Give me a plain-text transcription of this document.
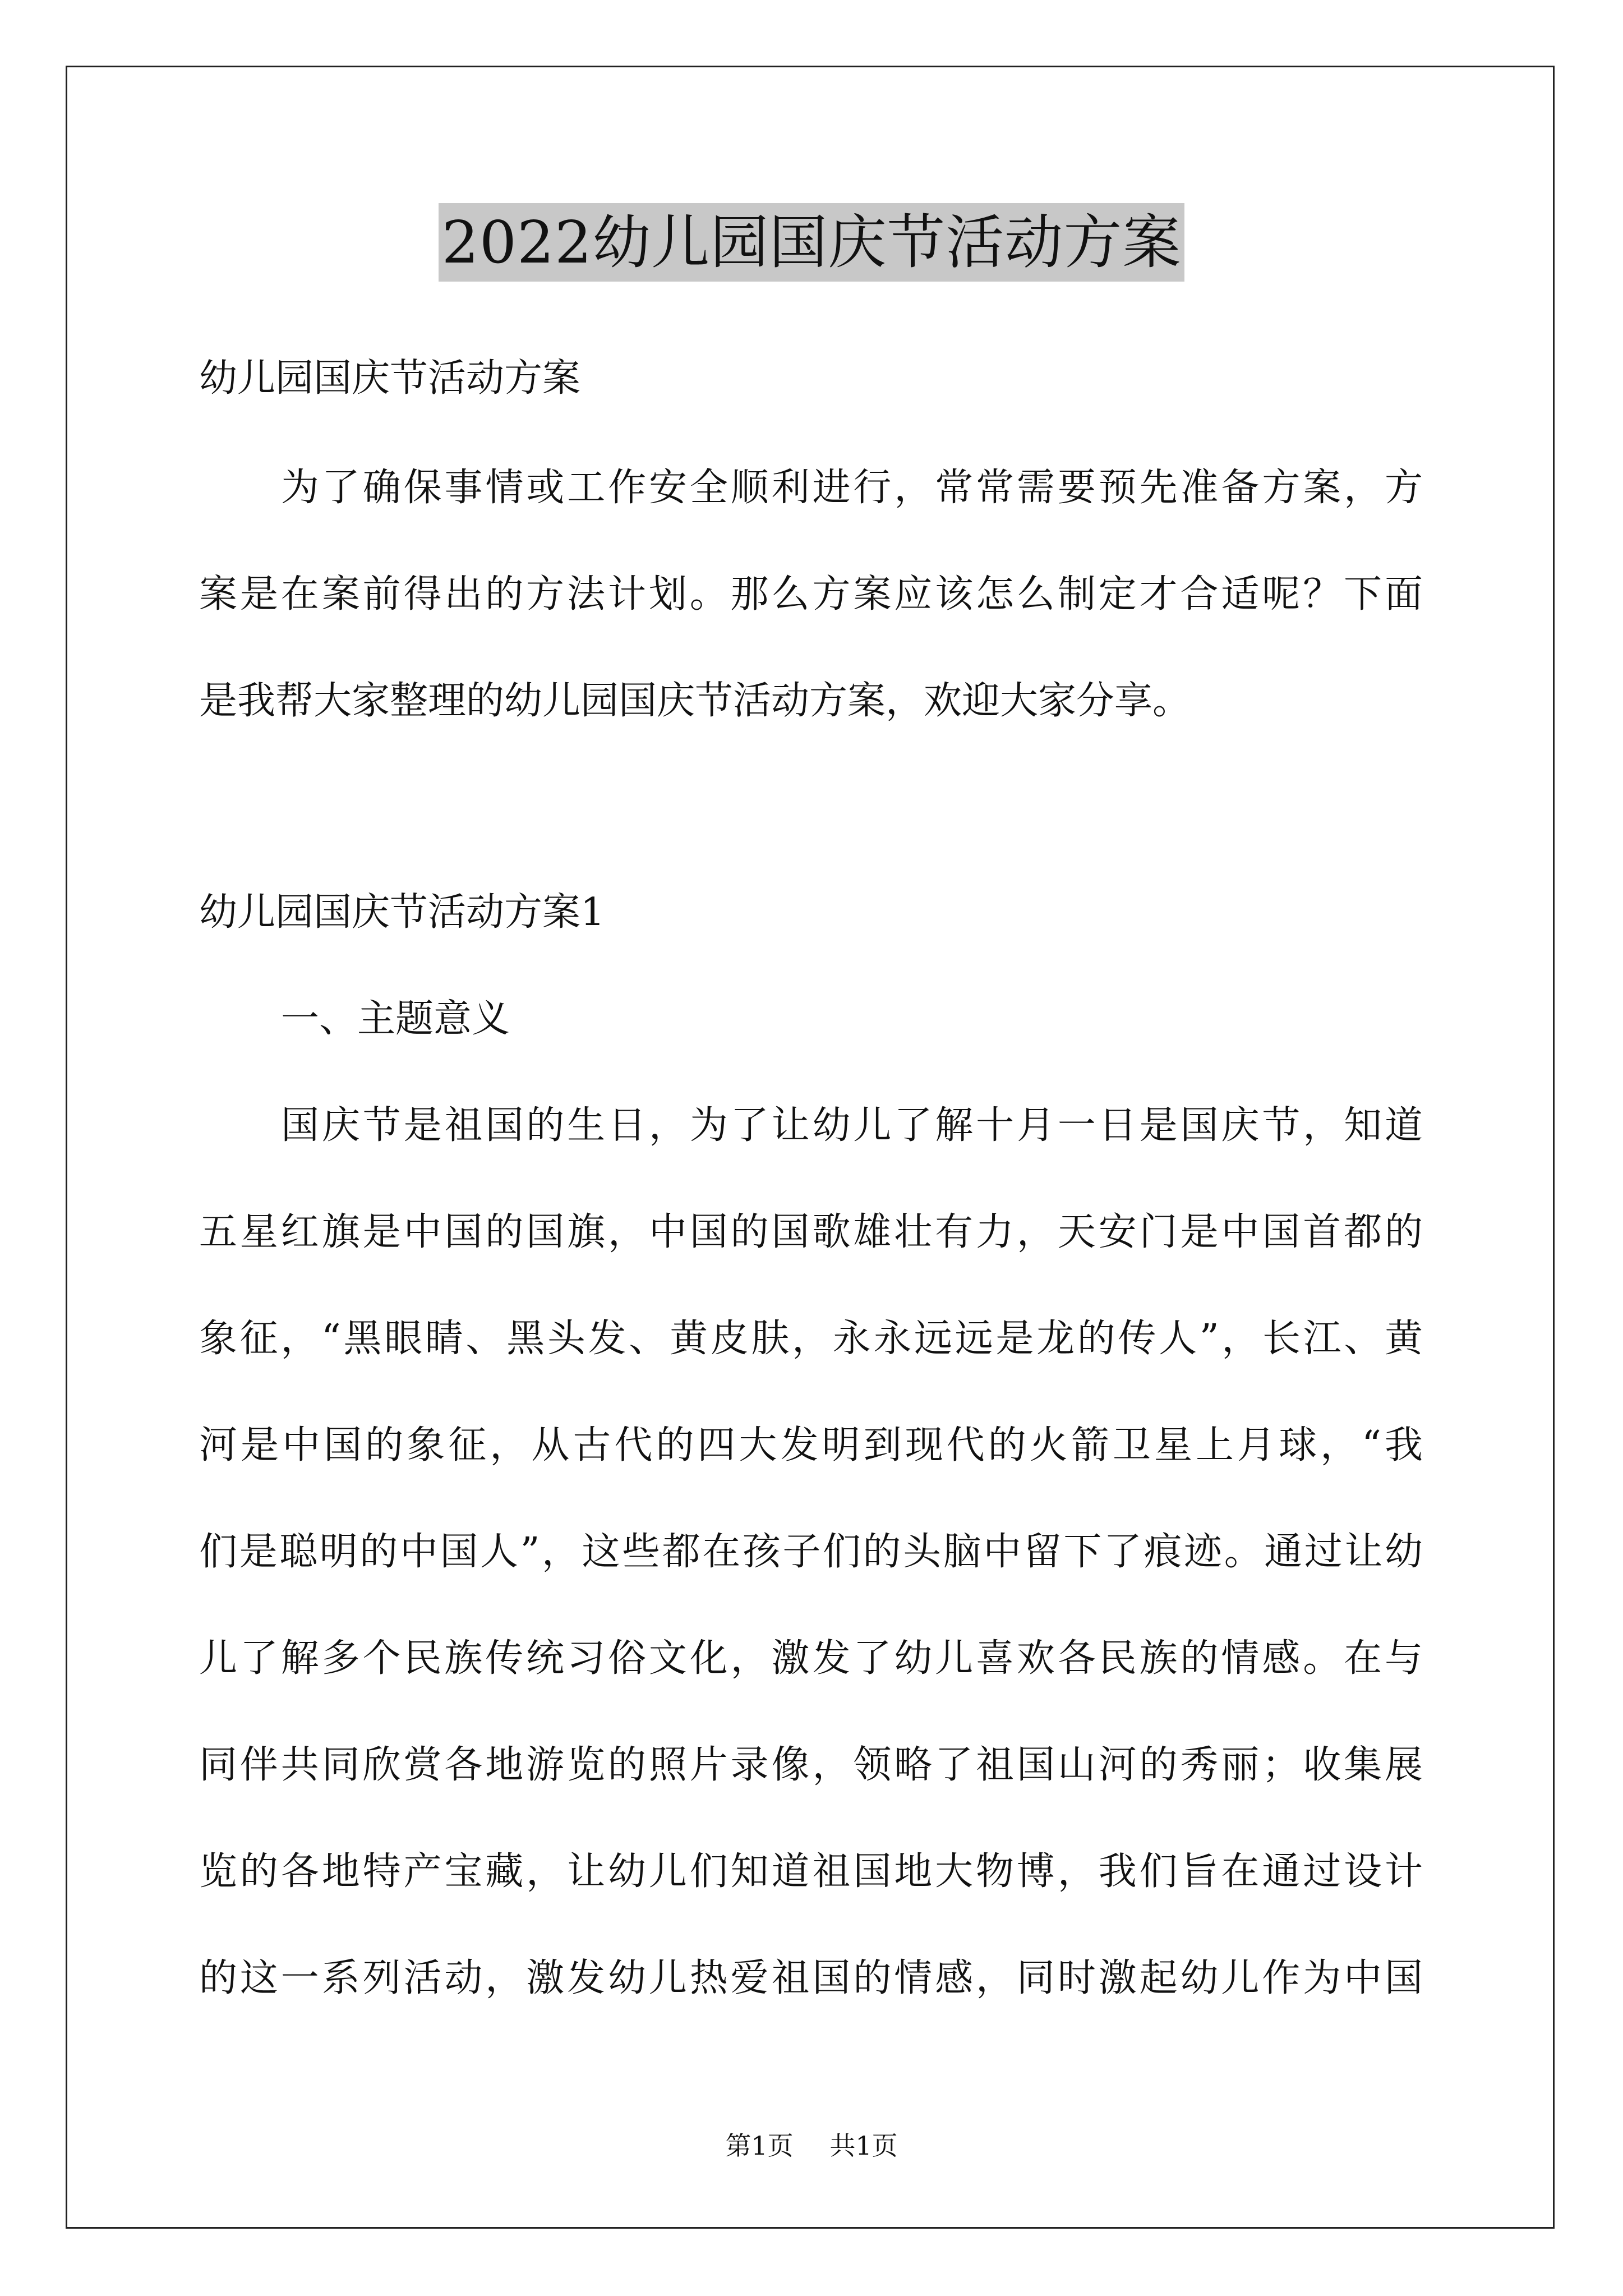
2022幼儿园国庆节活动方案
幼儿园国庆节活动方案
为了确保事情或工作安全顺利进行，常常需要预先准备方案，方
案是在案前得出的方法计划。那么方案应该怎么制定才合适呢？下面
是我帮大家整理的幼儿园国庆节活动方案，欢迎大家分享。
幼儿园国庆节活动方案1
一、主题意义
国庆节是祖国的生日，为了让幼儿了解十月一日是国庆节，知道
五星红旗是中国的国旗，中国的国歌雄壮有力，天安门是中国首都的
象征，“黑眼睛、黑头发、黄皮肤，永永远远是龙的传人”，长江、黄
河是中国的象征，从古代的四大发明到现代的火箭卫星上月球，“我
们是聪明的中国人”，这些都在孩子们的头脑中留下了痕迹。通过让幼
儿了解多个民族传统习俗文化，激发了幼儿喜欢各民族的情感。在与
同伴共同欣赏各地游览的照片录像，领略了祖国山河的秀丽；收集展
览的各地特产宝藏，让幼儿们知道祖国地大物博，我们旨在通过设计
的这一系列活动，激发幼儿热爱祖国的情感，同时激起幼儿作为中国
第1页 共1页
